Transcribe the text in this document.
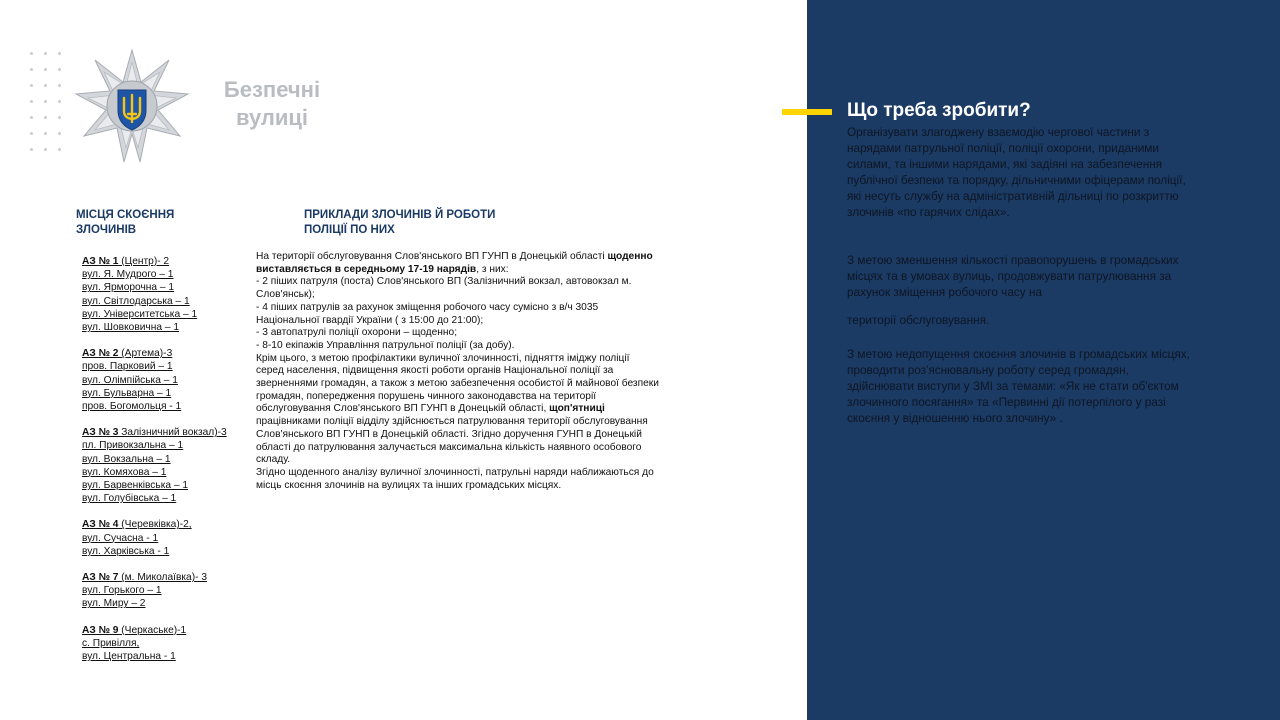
Безпечні
вулиці
МІСЦЯ СКОЄННЯ ЗЛОЧИНІВ
ПРИКЛАДИ ЗЛОЧИНІВ Й РОБОТИ ПОЛІЦІЇ ПО НИХ
АЗ № 1 (Центр)- 2
вул. Я. Мудрого – 1
вул. Ярморочна – 1
вул. Світлодарська – 1
вул. Університетська – 1
вул. Шовковична – 1
АЗ № 2 (Артема)-3
пров. Парковий – 1
вул. Олімпійська – 1
вул. Бульварна – 1
пров. Богомольця - 1
АЗ № 3 Залізничний вокзал)-3
пл. Привокзальна – 1
вул. Вокзальна – 1
вул. Комяхова – 1
вул. Барвенківська – 1
вул. Голубівська – 1
АЗ № 4 (Черевківка)-2,
вул. Сучасна - 1
вул. Харківська - 1
АЗ № 7 (м. Миколаївка)- 3
вул. Горького – 1
вул. Миру – 2
АЗ № 9 (Черкаське)-1
с. Привілля,
вул. Центральна - 1

На території обслуговування Слов'янського ВП ГУНП в Донецькій області щоденно виставляється в середньому 17-19 нарядів, з них:

- 2 піших патруля (поста) Слов'янського ВП (Залізничний вокзал, автовокзал м. Слов'янськ);

- 4 піших патрулів за рахунок зміщення робочого часу сумісно з в/ч 3035 Національної гвардії України ( з 15:00 до 21:00);

- 3 автопатрулі поліції охорони – щоденно;

- 8-10 екіпажів Управління патрульної поліції (за добу).

Крім цього, з метою профілактики вуличної злочинності, підняття іміджу поліції серед населення, підвищення якості роботи органів Національної поліції за зверненнями громадян, а також з метою забезпечення особистої й майнової безпеки громадян, попередження порушень чинного законодавства на території обслуговування Слов'янського ВП ГУНП в Донецькій області, щоп'ятниці працівниками поліції відділу здійснюється патрулювання території обслуговування Слов'янського ВП ГУНП в Донецькій області. Згідно доручення ГУНП в Донецькій області до патрулювання залучається максимальна кількість наявного особового складу.

Згідно щоденного аналізу вуличної злочинності, патрульні наряди наближаються до місць скоєння злочинів на вулицях та інших громадських місцях.

Що треба зробити?
Організувати злагоджену взаємодію чергової частини з нарядами патрульної поліції, поліції охорони, приданими силами, та іншими нарядами, які задіяні на забезпечення публічної безпеки та порядку, дільничними офіцерами поліції, які несуть службу на адміністративній дільниці по розкриттю злочинів «по гарячих слідах».
З метою зменшення кількості правопорушень в громадських місцях та в умовах вулиць, продовжувати патрулювання за рахунок зміщення робочого часу на
території обслуговування.
З метою недопущення скоєння злочинів в громадських місцях, проводити роз'яснювальну роботу серед громадян, здійснювати виступи у ЗМІ за темами: «Як не стати об'єктом злочинного посягання» та «Первинні дії потерпілого у разі скоєння у відношенню нього злочину» .
